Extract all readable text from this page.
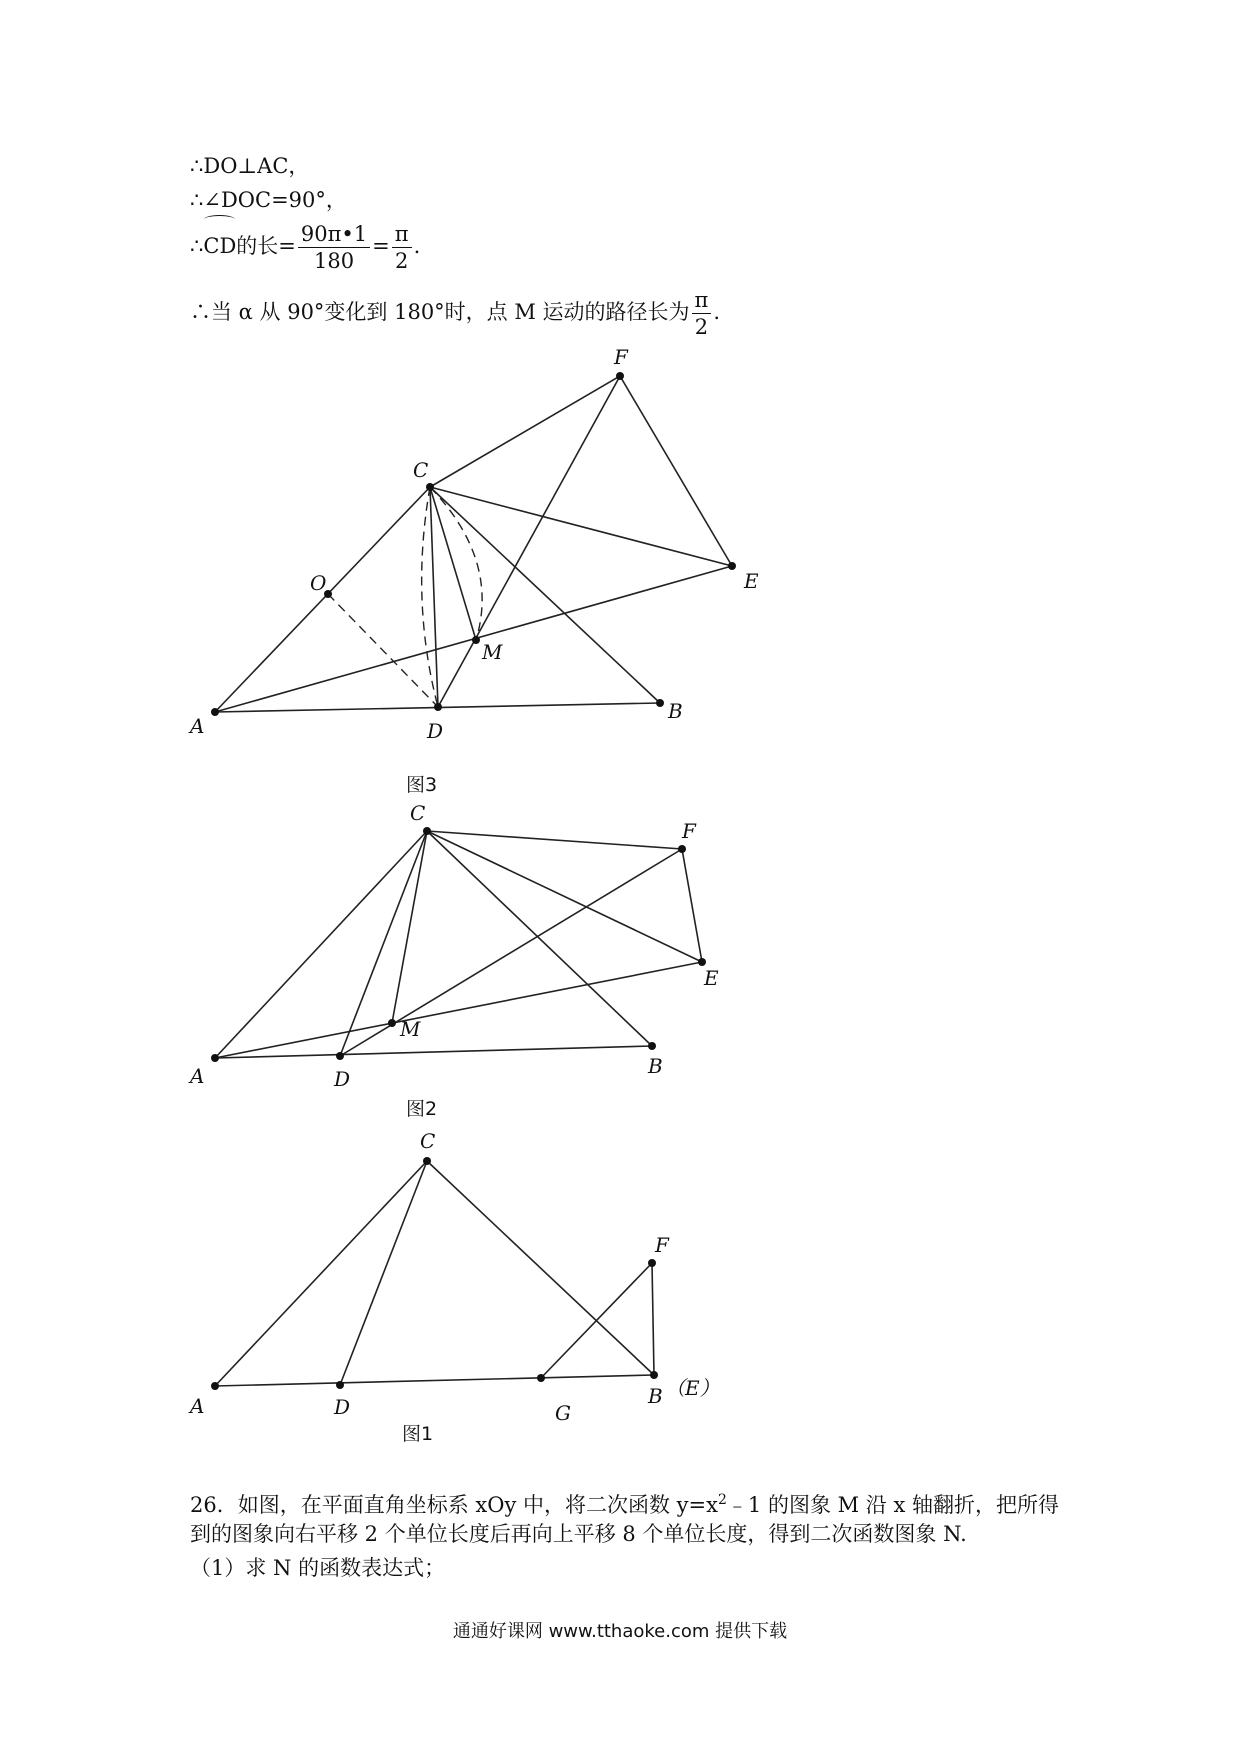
∴DO⊥AC，
∴∠DOC=90°，
∴CD的长= $\frac{90\pi•1}{180} = \frac{\pi}{2}$ .
∴当 α 从 90°变化到 180°时，点 M 运动的路径长为 $\frac{\pi}{2}$ .
A
B
C
D
E
F
O
M
图3
A	B
C
D
E
F
M
图2
A	B （E）
C
D
F
G
图1
26．如图，在平面直角坐标系 xOy 中，将二次函数 $y=x^2﹣1$ 的图象 M 沿 x 轴翻折，把所得
到的图象向右平移 2 个单位长度后再向上平移 8 个单位长度，得到二次函数图象 N.
（1）求 N 的函数表达式；
通通好课网 www.tthaoke.com 提供下载
